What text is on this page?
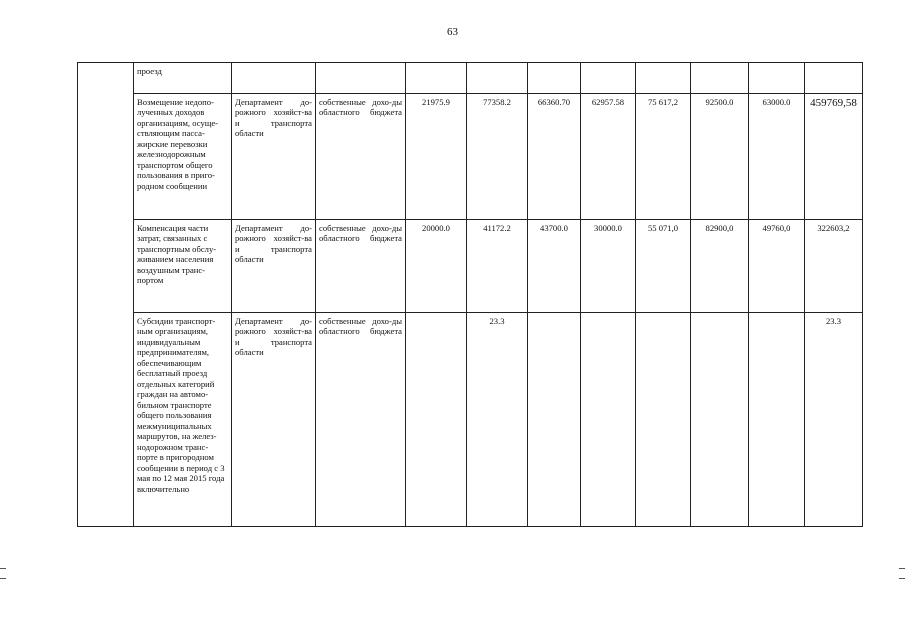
63
	проезд										
	Возмещение недопо-лученных доходов организациям, осуще-ствляющим пасса-жирские перевозки железнодорожным транспортом общего пользования в приго-родном сообщении	Департамент до-рожного хозяйст-ва и транспорта области	собственные дохо-ды областного бюджета	21975.9	77358.2	66360.70	62957.58	75 617,2	92500.0	63000.0	459769,58
	Компенсация части затрат, связанных с транспортным обслу-живанием населения воздушным транс-портом	Департамент до-рожного хозяйст-ва и транспорта области	собственные дохо-ды областного бюджета	20000.0	41172.2	43700.0	30000.0	55 071,0	82900,0	49760,0	322603,2
	Субсидии транспорт-ным организациям, индивидуальным предпринимателям, обеспечивающим бесплатный проезд отдельных категорий граждан на автомо-бильном транспорте общего пользования межмуниципальных маршрутов, на желез-нодорожном транс-порте в пригородном сообщении в период с 3 мая по 12 мая 2015 года включительно	Департамент до-рожного хозяйст-ва и транспорта области	собственные дохо-ды областного бюджета		23.3						23.3
